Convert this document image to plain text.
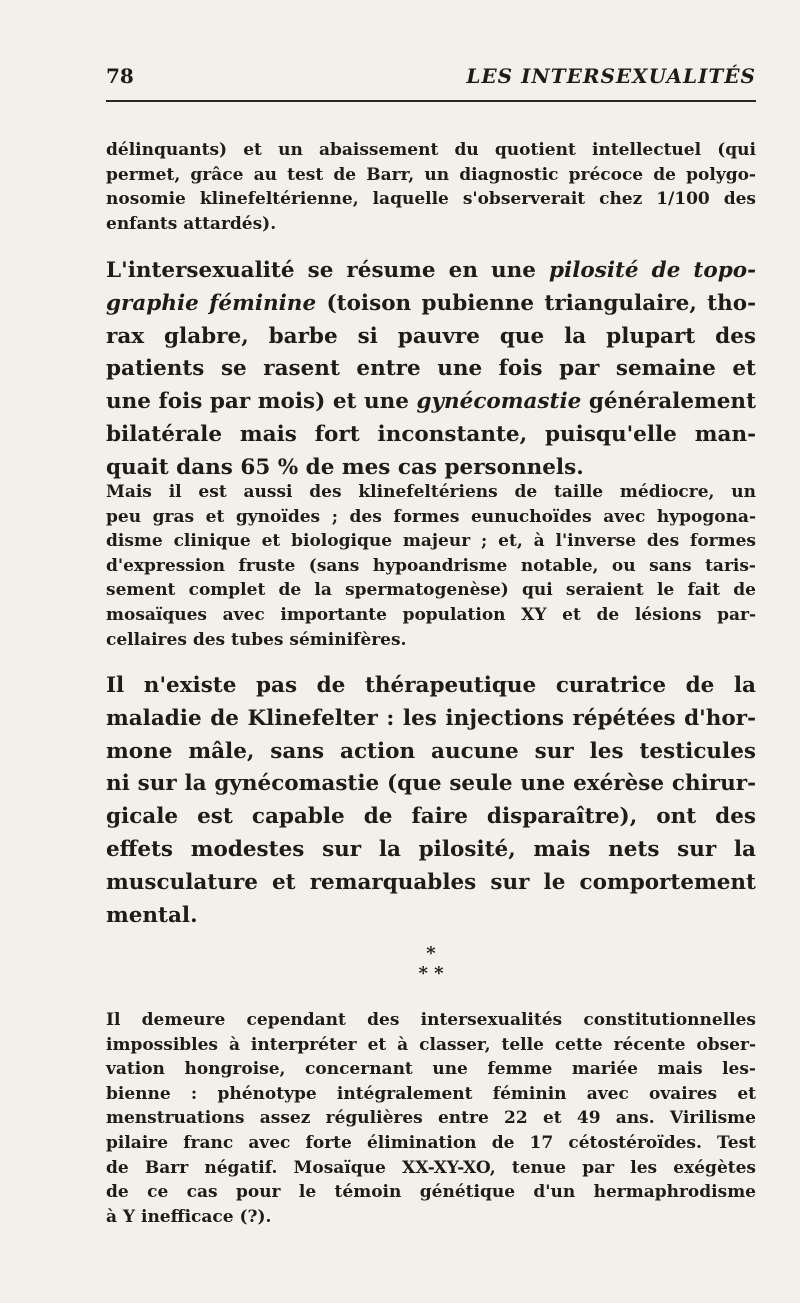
78	LES INTERSEXUALITÉS

délinquants) et un abaissement du quotient intellectuel (qui
permet, grâce au test de Barr, un diagnostic précoce de polygo-
nosomie klinefeltérienne, laquelle s'observerait chez 1/100 des
enfants attardés).

L'intersexualité se résume en une pilosité de topo-
graphie féminine (toison pubienne triangulaire, tho-
rax glabre, barbe si pauvre que la plupart des
patients se rasent entre une fois par semaine et
une fois par mois) et une gynécomastie généralement
bilatérale mais fort inconstante, puisqu'elle man-
quait dans 65 % de mes cas personnels.

Mais il est aussi des klinefeltériens de taille médiocre, un
peu gras et gynoïdes ; des formes eunuchoïdes avec hypogona-
disme clinique et biologique majeur ; et, à l'inverse des formes
d'expression fruste (sans hypoandrisme notable, ou sans taris-
sement complet de la spermatogenèse) qui seraient le fait de
mosaïques avec importante population XY et de lésions par-
cellaires des tubes séminifères.

Il n'existe pas de thérapeutique curatrice de la
maladie de Klinefelter : les injections répétées d'hor-
mone mâle, sans action aucune sur les testicules
ni sur la gynécomastie (que seule une exérèse chirur-
gicale est capable de faire disparaître), ont des
effets modestes sur la pilosité, mais nets sur la
musculature et remarquables sur le comportement
mental.

*
* *

Il demeure cependant des intersexualités constitutionnelles
impossibles à interpréter et à classer, telle cette récente obser-
vation hongroise, concernant une femme mariée mais les-
bienne : phénotype intégralement féminin avec ovaires et
menstruations assez régulières entre 22 et 49 ans. Virilisme
pilaire franc avec forte élimination de 17 cétostéroïdes. Test
de Barr négatif. Mosaïque XX-XY-XO, tenue par les exégètes
de ce cas pour le témoin génétique d'un hermaphrodisme
à Y inefficace (?).
